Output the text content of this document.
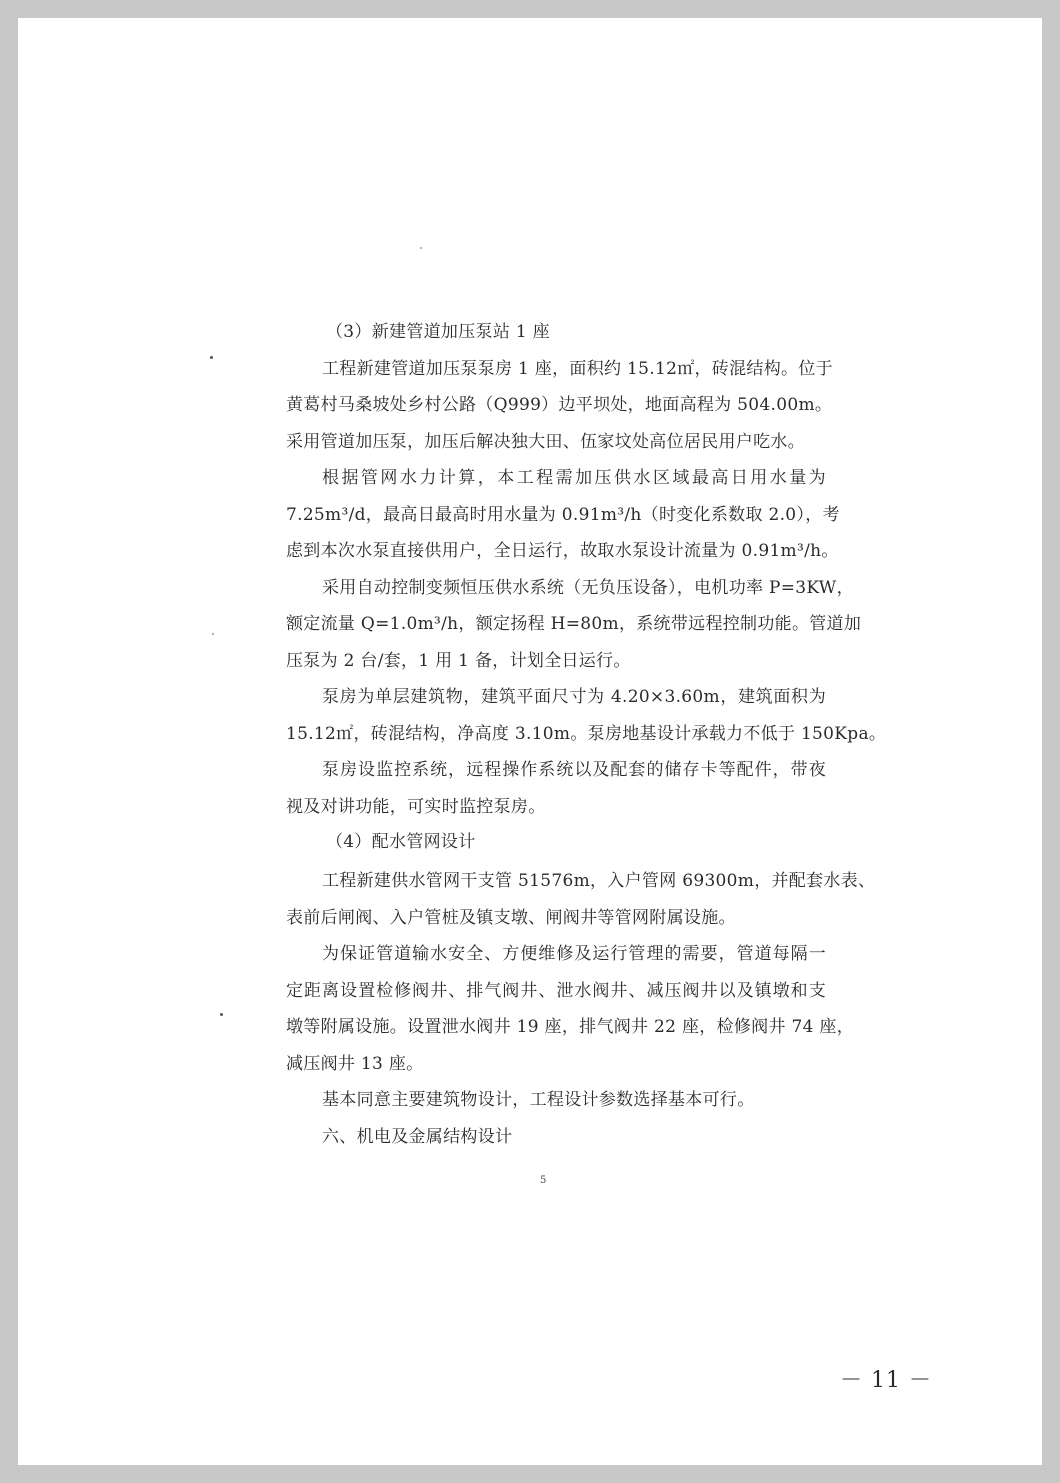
（3）新建管道加压泵站 1 座
工程新建管道加压泵泵房 1 座，面积约 15.12㎡，砖混结构。位于
黄葛村马桑坡处乡村公路（Q999）边平坝处，地面高程为 504.00m。
采用管道加压泵，加压后解决独大田、伍家坟处高位居民用户吃水。
根据管网水力计算，本工程需加压供水区域最高日用水量为
7.25m³/d，最高日最高时用水量为 0.91m³/h（时变化系数取 2.0），考
虑到本次水泵直接供用户，全日运行，故取水泵设计流量为 0.91m³/h。
采用自动控制变频恒压供水系统（无负压设备），电机功率 P=3KW，
额定流量 Q=1.0m³/h，额定扬程 H=80m，系统带远程控制功能。管道加
压泵为 2 台/套，1 用 1 备，计划全日运行。
泵房为单层建筑物，建筑平面尺寸为 4.20×3.60m，建筑面积为
15.12㎡，砖混结构，净高度 3.10m。泵房地基设计承载力不低于 150Kpa。
泵房设监控系统，远程操作系统以及配套的储存卡等配件，带夜
视及对讲功能，可实时监控泵房。
（4）配水管网设计
工程新建供水管网干支管 51576m，入户管网 69300m，并配套水表、
表前后闸阀、入户管桩及镇支墩、闸阀井等管网附属设施。
为保证管道输水安全、方便维修及运行管理的需要，管道每隔一
定距离设置检修阀井、排气阀井、泄水阀井、减压阀井以及镇墩和支
墩等附属设施。设置泄水阀井 19 座，排气阀井 22 座，检修阀井 74 座，
减压阀井 13 座。
基本同意主要建筑物设计，工程设计参数选择基本可行。
六、机电及金属结构设计
5
－ 11 －
